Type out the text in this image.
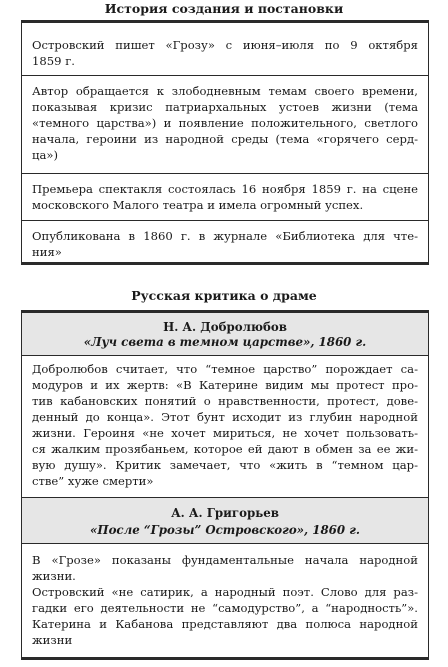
История создания и постановки
Островский пишет «Грозу» с июня–июля по 9 октября
1859 г.
Автор обращается к злободневным темам своего времени,
показывая кризис патриархальных устоев жизни (тема
«темного царства») и появление положительного, светлого
начала, героини из народной среды (тема «горячего серд-
ца»)
Премьера спектакля состоялась 16 ноября 1859 г. на сцене
московского Малого театра и имела огромный успех.
Опубликована в 1860 г. в журнале «Библиотека для чте-
ния»
Русская критика о драме
Н. А. Добролюбов
«Луч света в темном царстве», 1860 г.
Добролюбов считает, что “темное царство” порождает са-
модуров и их жертв: «В Катерине видим мы протест про-
тив кабановских понятий о нравственности, протест, дове-
денный до конца». Этот бунт исходит из глубин народной
жизни. Героиня «не хочет мириться, не хочет пользовать-
ся жалким прозябаньем, которое ей дают в обмен за ее жи-
вую душу». Критик замечает, что «жить в “темном цар-
стве” хуже смерти»
А. А. Григорьев
«После “Грозы” Островского», 1860 г.
В «Грозе» показаны фундаментальные начала народной
жизни.
Островский «не сатирик, а народный поэт. Слово для раз-
гадки его деятельности не “самодурство”, а “народность”».
Катерина и Кабанова представляют два полюса народной
жизни
